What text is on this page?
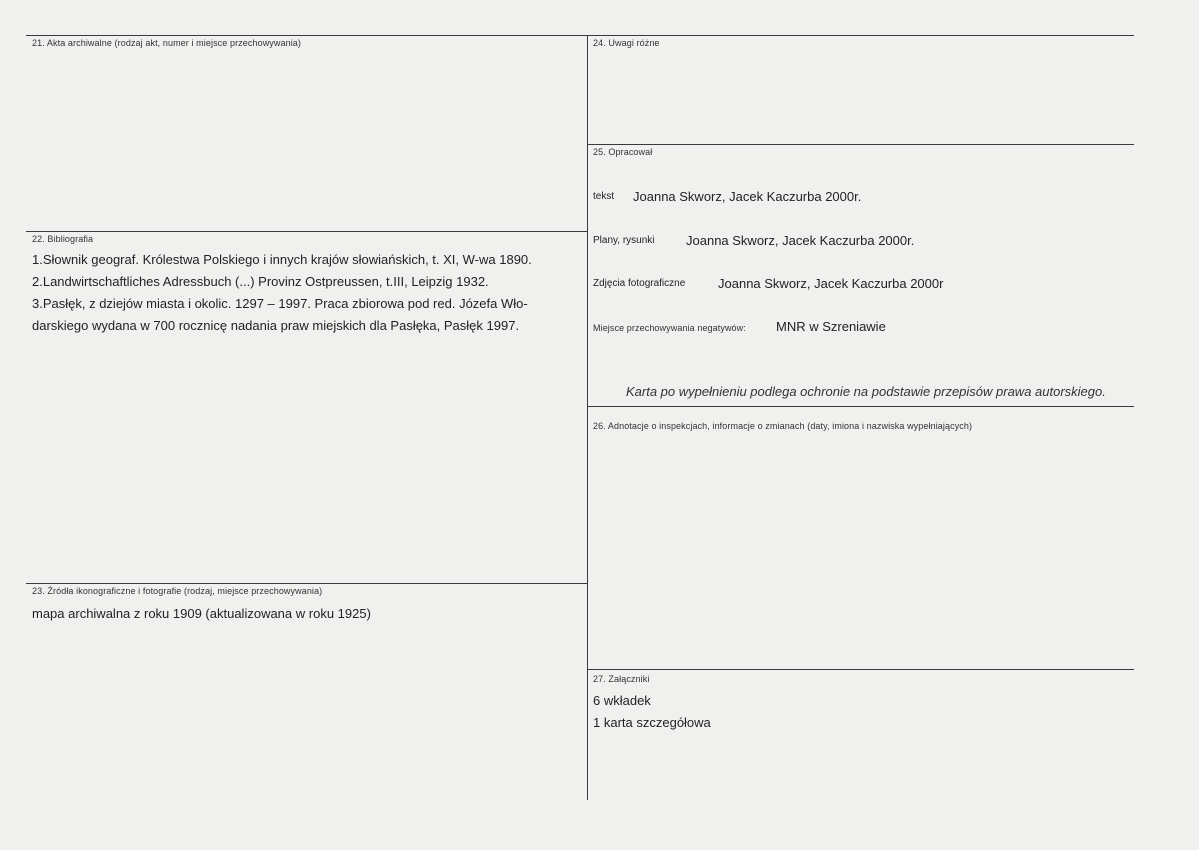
21. Akta archiwalne (rodzaj akt, numer i miejsce przechowywania)
22. Bibliografia
1.Słownik geograf. Królestwa Polskiego i innych krajów słowiańskich, t. XI, W-wa 1890.
2.Landwirtschaftliches Adressbuch (...) Provinz Ostpreussen, t.III, Leipzig 1932.
3.Pasłęk, z dziejów miasta i okolic. 1297 – 1997. Praca zbiorowa pod red. Józefa Wło-
darskiego wydana w 700 rocznicę nadania praw miejskich dla Pasłęka, Pasłęk 1997.
23. Źródła ikonograficzne i fotografie (rodzaj, miejsce przechowywania)
mapa archiwalna z roku 1909 (aktualizowana w roku 1925)
24. Uwagi różne
25. Opracował
tekst Joanna Skworz, Jacek Kaczurba 2000r.
Plany, rysunki Joanna Skworz, Jacek Kaczurba 2000r.
Zdjęcia fotograficzne	Joanna Skworz, Jacek Kaczurba 2000r
Miejsce przechowywania negatywów: MNR w Szreniawie
Karta po wypełnieniu podlega ochronie na podstawie przepisów prawa autorskiego.
26. Adnotacje o inspekcjach, informacje o zmianach (daty, imiona i nazwiska wypełniających)
27. Załączniki
6 wkładek
1 karta szczegółowa
